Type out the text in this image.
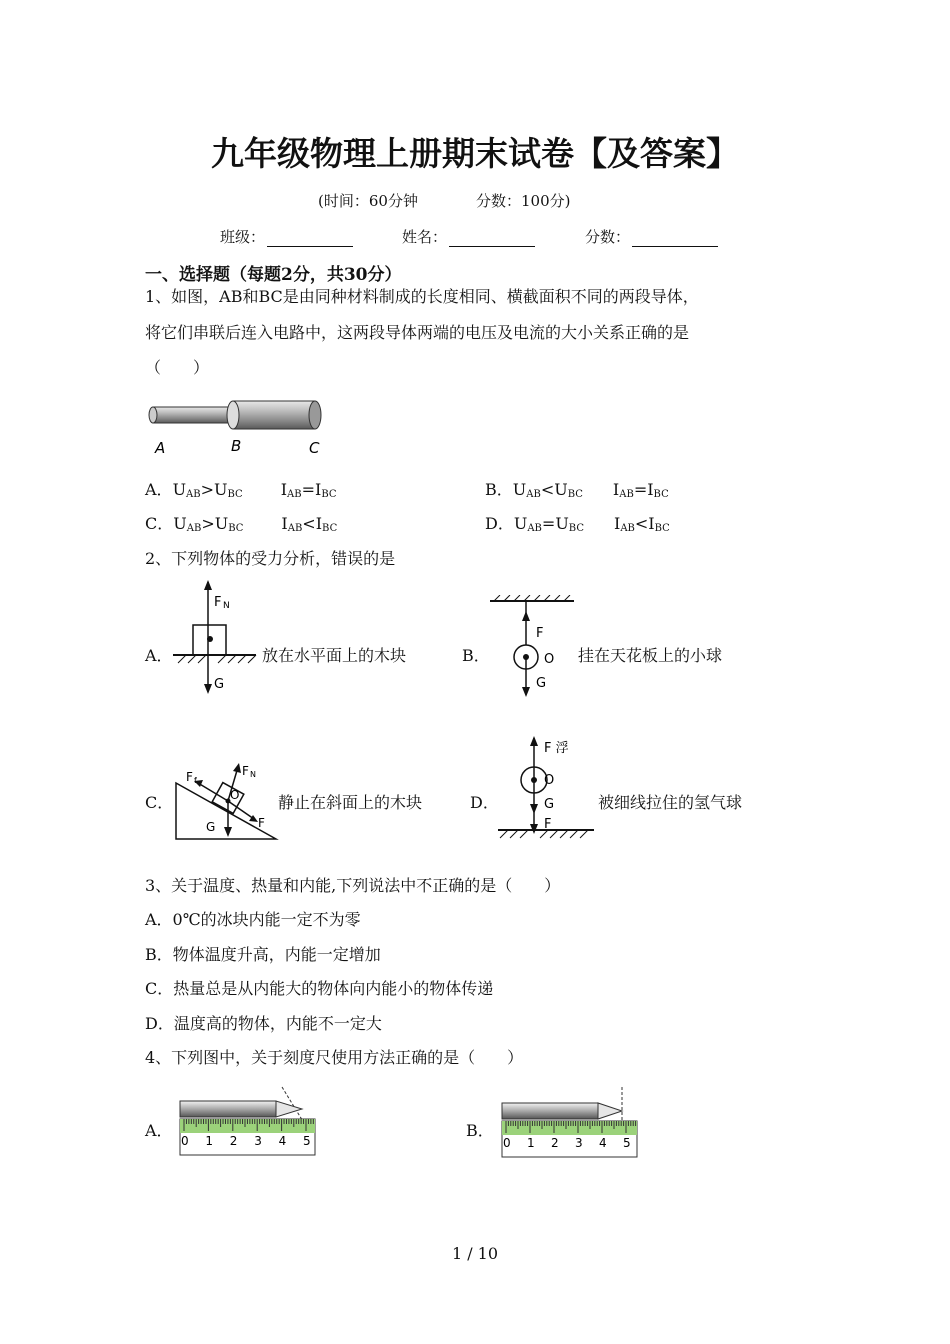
九年级物理上册期末试卷【及答案】
(时间：60分钟	分数：100分)
班级：	姓名：	分数：
一、选择题（每题2分，共30分）
1、如图，AB和BC是由同种材料制成的长度相同、横截面积不同的两段导体，
将它们串联后连入电路中，这两段导体两端的电压及电流的大小关系正确的是
（　　）
A	B	C
A．$U_{AB}>U_{BC}$ $I_{AB}=I_{BC}$	B．$U_{AB}<U_{BC}$ $I_{AB}=I_{BC}$
C．$U_{AB}>U_{BC}$ $I_{AB}<I_{BC}$	D．$U_{AB}=U_{BC}$ $I_{AB}<I_{BC}$
2、下列物体的受力分析，错误的是
A．
F N
G
放在水平面上的木块	B．
F
O
G
挂在天花板上的小球
C．
F f
F N
O
G	F
静止在斜面上的木块	D．
F 浮
O
G
F
被细线拉住的氢气球
3、关于温度、热量和内能,下列说法中不正确的是（　　）
A．0℃的冰块内能一定不为零
B．物体温度升高，内能一定增加
C．热量总是从内能大的物体向内能小的物体传递
D．温度高的物体，内能不一定大
4、下列图中，关于刻度尺使用方法正确的是（　　）
A．
0 1 2 3 4 5
B．
0 1 2 3 4 5
1 / 10
